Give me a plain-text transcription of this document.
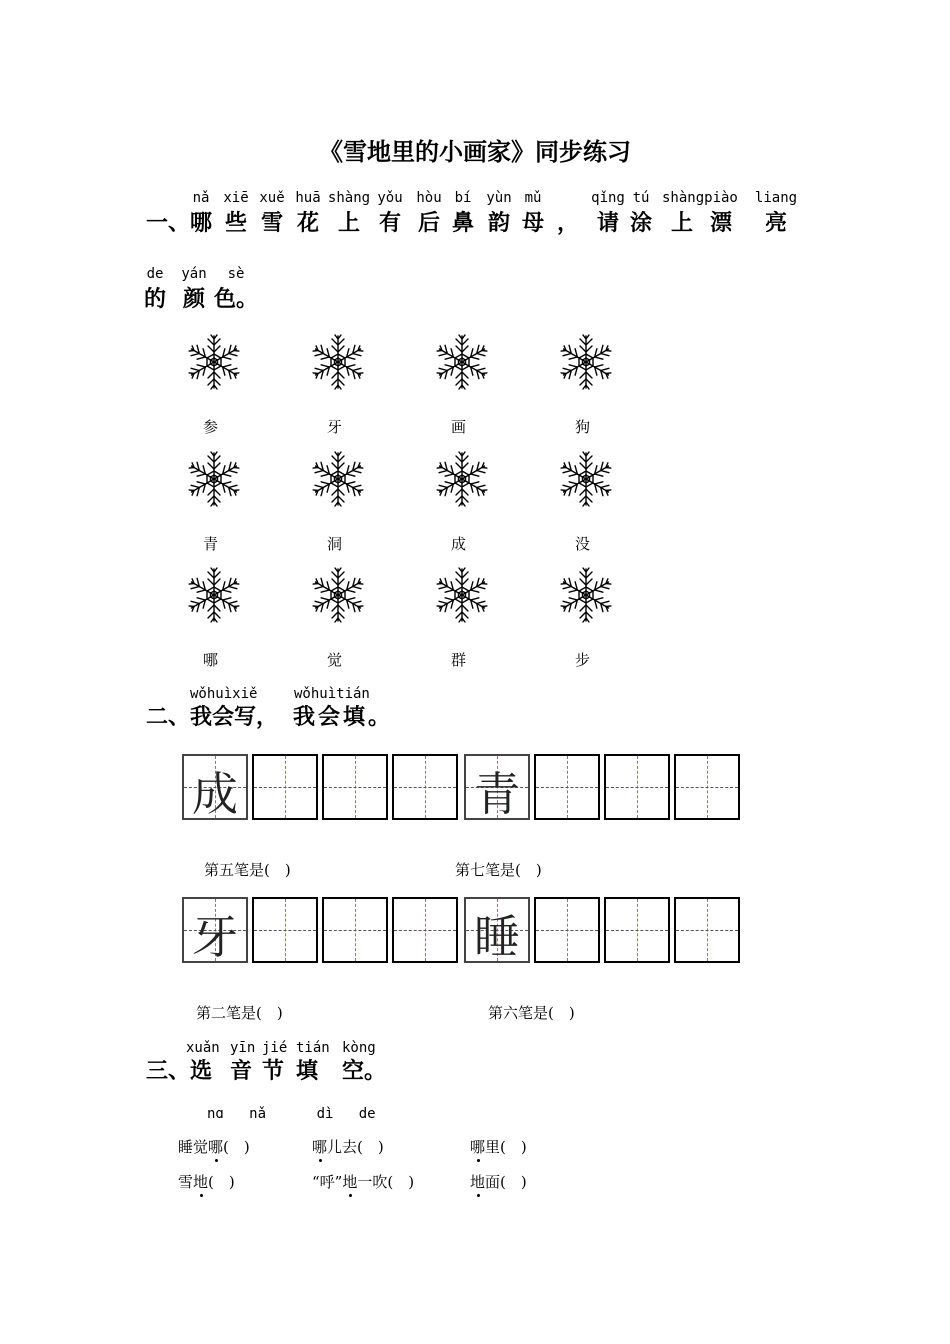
《雪地里的小画家》同步练习

一、
nǎ
哪
xiē
些
xuě
雪
huā
花
shàng
上
yǒu
有
hòu
后
bí
鼻
yùn
韵
mǔ
母
，
qǐng
请
tú
涂
shàng
上
piào
漂
liang
亮
de
的
yán
颜
sè
色。
参	牙	画	狗
青	洞	成	没
哪	觉	群	步
wǒhuìxiě	wǒhuìtián
二、我会写， 我会填。
成	青
第五笔是(　)	第七笔是(　)
牙	睡
第二笔是(　)	第六笔是(　)
三、 选 音 节 填	空。
xuǎn yīn jié tián kòng
nɑ nǎ	dì de
睡觉哪(　)	哪儿去(　)	哪里(　)
雪地(　)	“呼”地一吹(　)	地面(　)
